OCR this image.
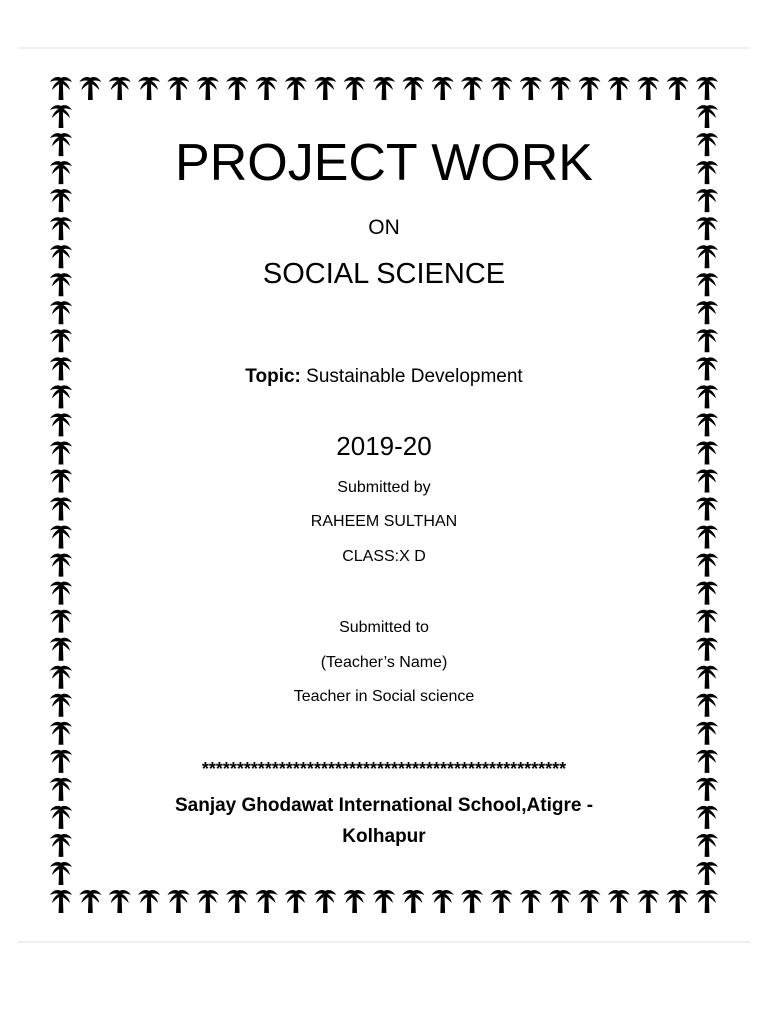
PROJECT WORK
ON
SOCIAL SCIENCE
Topic: Sustainable Development
2019-20
Submitted by
RAHEEM SULTHAN
CLASS:X D
Submitted to
(Teacher’s Name)
Teacher in Social science
****************************************************
Sanjay Ghodawat International School,Atigre -
Kolhapur
